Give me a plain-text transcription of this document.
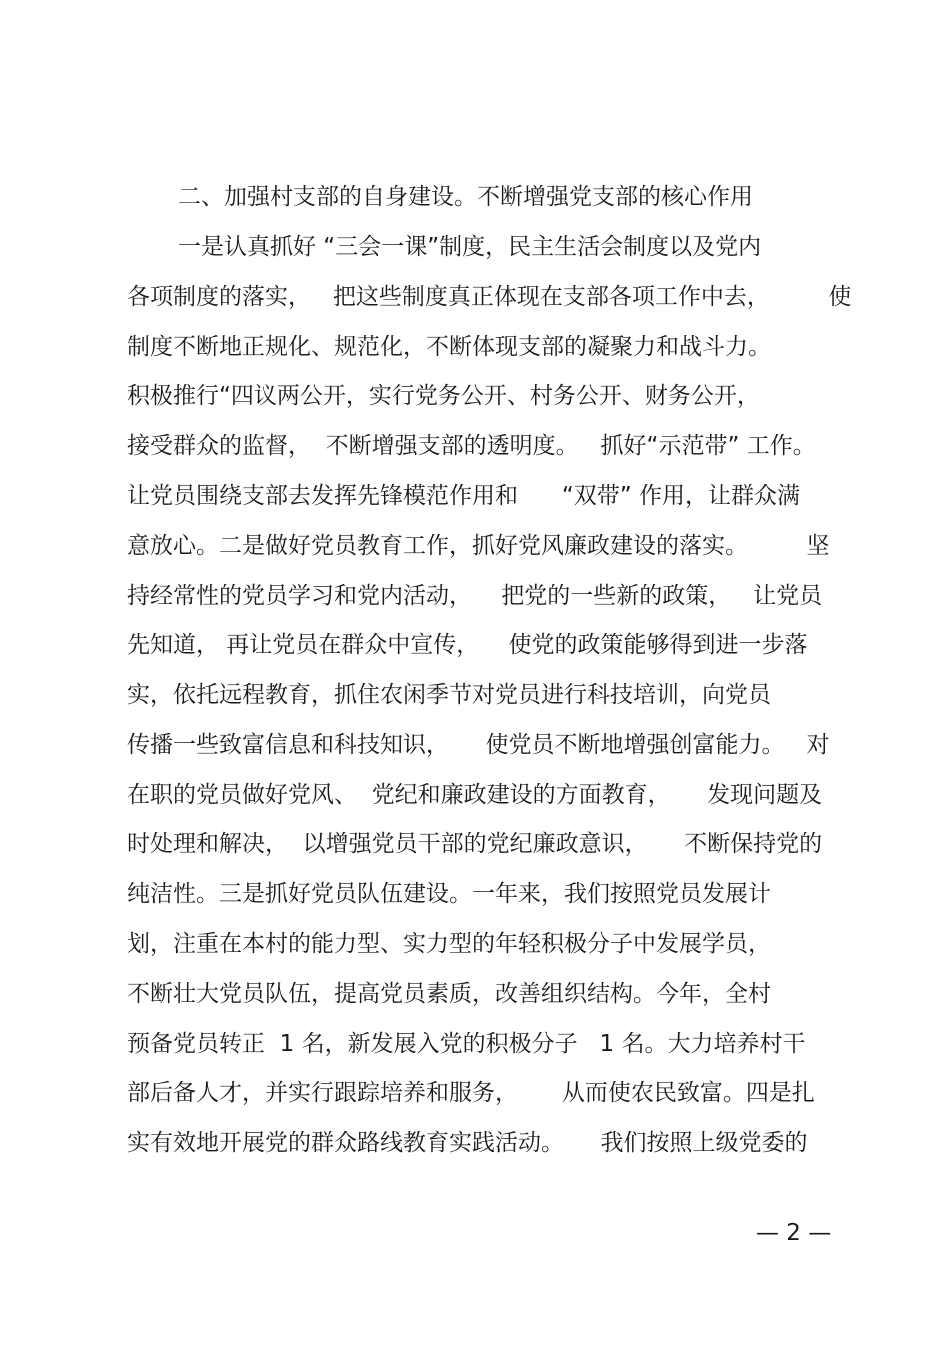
二、加强村支部的自身建设。不断增强党支部的核心作用
一是认真抓好 “三会一课”制度，民主生活会制度以及党内
各项制度的落实，   把这些制度真正体现在支部各项工作中去，        使
制度不断地正规化、规范化，不断体现支部的凝聚力和战斗力。
积极推行“四议两公开，实行党务公开、村务公开、财务公开，
接受群众的监督，  不断增强支部的透明度。   抓好“示范带” 工作。
让党员围绕支部去发挥先锋模范作用和      “双带” 作用，让群众满
意放心。二是做好党员教育工作，抓好党风廉政建设的落实。        坚
持经常性的党员学习和党内活动，    把党的一些新的政策，   让党员
先知道， 再让党员在群众中宣传，    使党的政策能够得到进一步落
实，依托远程教育，抓住农闲季节对党员进行科技培训，向党员
传播一些致富信息和科技知识，     使党员不断地增强创富能力。   对
在职的党员做好党风、  党纪和廉政建设的方面教育，     发现问题及
时处理和解决，  以增强党员干部的党纪廉政意识，     不断保持党的
纯洁性。三是抓好党员队伍建设。一年来，我们按照党员发展计
划，注重在本村的能力型、实力型的年轻积极分子中发展学员，
不断壮大党员队伍，提高党员素质，改善组织结构。今年，全村
预备党员转正  1 名，新发展入党的积极分子   1 名。大力培养村干
部后备人才，并实行跟踪培养和服务，      从而使农民致富。四是扎
实有效地开展党的群众路线教育实践活动。     我们按照上级党委的
— 2 —
